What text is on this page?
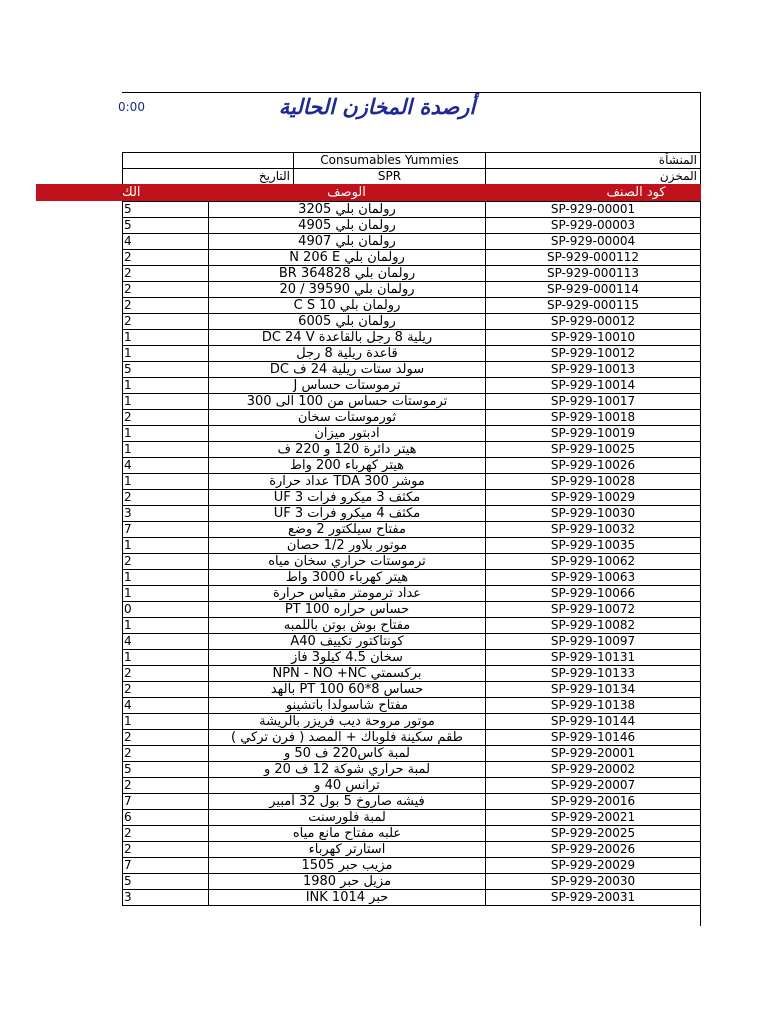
0:00	أرصدة المخازن الحالية
	Consumables Yummies	المنشأة
التاريخ	SPR	المخزن
الك	الوصف	كود الصنف
5	رولمان بلي 3205	SP-929-00001
5	رولمان بلي 4905	SP-929-00003
4	رولمان بلي 4907	SP-929-00004
2	رولمان بلي N 206 E	SP-929-000112
2	رولمان بلي BR 364828	SP-929-000113
2	رولمان بلي 39590 / 20	SP-929-000114
2	رولمان بلي C S 10	SP-929-000115
2	رولمان بلي 6005	SP-929-00012
1	ريلية 8 رجل بالقاعدة DC 24 V	SP-929-10010
1	قاعدة ريلية 8 رجل	SP-929-10012
5	سولد ستات ريلية 24 ف DC	SP-929-10013
1	ترموستات حساس J	SP-929-10014
1	ترموستات حساس من 100 الى 300	SP-929-10017
2	ثورموستات سخان	SP-929-10018
1	ادبتور ميزان	SP-929-10019
1	هيتر دائرة 120 و 220 ف	SP-929-10025
4	هيتر كهرباء 200 واط	SP-929-10026
1	موشر TDA 300 عداد حرارة	SP-929-10028
2	مكثف 3 ميكرو فرات 3 UF	SP-929-10029
3	مكثف 4 ميكرو فرات 3 UF	SP-929-10030
7	مفتاح سيلكتور 2 وضع	SP-929-10032
1	موتور بلاور 1/2 حصان	SP-929-10035
2	ترموستات حراري سخان مياه	SP-929-10062
1	هيتر كهرباء 3000 واط	SP-929-10063
1	عداد ترمومتر مقياس حرارة	SP-929-10066
0	حساس حراره PT 100	SP-929-10072
1	مفتاح بوش بوتن باللمبه	SP-929-10082
4	كونتاكتور تكييف A40	SP-929-10097
1	سخان 4.5 كيلو3 فاز	SP-929-10131
2	بركسمتي NPN - NO +NC	SP-929-10133
2	حساس PT 100 60*8 بالهد	SP-929-10134
4	مفتاح شاسولدا باتشينو	SP-929-10138
1	موتور مروحة ديب فريزر بالريشة	SP-929-10144
2	طقم سكينة فلوباك + المصد ( فرن تركي )	SP-929-10146
2	لمبة كاس220 ف 50 و	SP-929-20001
5	لمبة حراري شوكة 12 ف 20 و	SP-929-20002
2	ترانس 40 و	SP-929-20007
7	فيشه صاروخ 5 بول 32 أمبير	SP-929-20016
6	لمبة فلورسنت	SP-929-20021
2	علبه مفتاح مانع مياه	SP-929-20025
2	استارتر كهرباء	SP-929-20026
7	مزيب حبر 1505	SP-929-20029
5	مزيل حبر 1980	SP-929-20030
3	حبر INK 1014	SP-929-20031
